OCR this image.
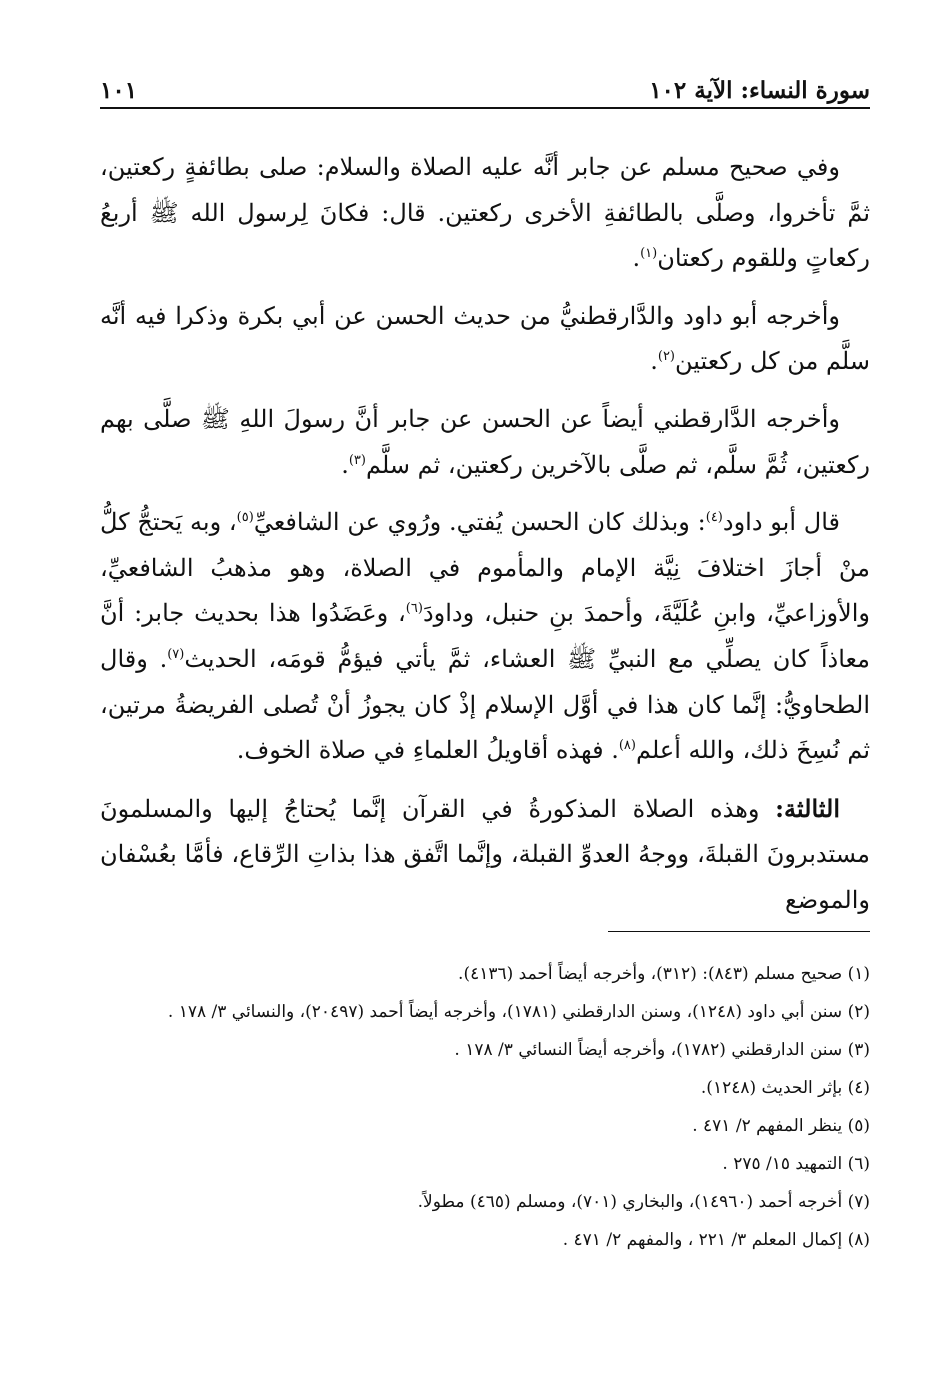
سورة النساء: الآية ١٠٢
١٠١

وفي صحيح مسلم عن جابر أنَّه عليه الصلاة والسلام: صلى بطائفةٍ ركعتين، ثمَّ تأخروا، وصلَّى بالطائفةِ الأخرى ركعتين. قال: فكانَ لِرسول الله ﷺ أربعُ ركعاتٍ وللقوم ركعتان$^{(١)}$.

وأخرجه أبو داود والدَّارقطنيُّ من حديث الحسن عن أبي بكرة وذكرا فيه أنَّه سلَّم من كل ركعتين$^{(٢)}$.

وأخرجه الدَّارقطني أيضاً عن الحسن عن جابر أنَّ رسولَ اللهِ ﷺ صلَّى بهم ركعتين، ثُمَّ سلَّم، ثم صلَّى بالآخرين ركعتين، ثم سلَّم$^{(٣)}$.

قال أبو داود$^{(٤)}$: وبذلك كان الحسن يُفتي. ورُوي عن الشافعيِّ$^{(٥)}$، وبه يَحتجُّ كلُّ منْ أجازَ اختلافَ نِيَّة الإمام والمأموم في الصلاة، وهو مذهبُ الشافعيِّ، والأوزاعيِّ، وابنِ عُلَيَّةَ، وأحمدَ بنِ حنبل، وداودَ$^{(٦)}$، وعَضَدُوا هذا بحديث جابر: أنَّ معاذاً كان يصلِّي مع النبيِّ ﷺ العشاء، ثمَّ يأتي فيؤمُّ قومَه، الحديث$^{(٧)}$. وقال الطحاويُّ: إنَّما كان هذا في أوَّل الإسلام إذْ كان يجوزُ أنْ تُصلى الفريضةُ مرتين، ثم نُسِخَ ذلك، والله أعلم$^{(٨)}$. فهذه أقاويلُ العلماءِ في صلاة الخوف.

الثالثة: وهذه الصلاة المذكورةُ في القرآن إنَّما يُحتاجُ إليها والمسلمونَ مستدبرونَ القبلةَ، ووجهُ العدوِّ القبلة، وإنَّما اتَّفق هذا بذاتِ الرِّقاع، فأمَّا بعُسْفان والموضع

(١) صحيح مسلم (٨٤٣): (٣١٢)، وأخرجه أيضاً أحمد (٤١٣٦).
(٢) سنن أبي داود (١٢٤٨)، وسنن الدارقطني (١٧٨١)، وأخرجه أيضاً أحمد (٢٠٤٩٧)، والنسائي ٣/ ١٧٨ .
(٣) سنن الدارقطني (١٧٨٢)، وأخرجه أيضاً النسائي ٣/ ١٧٨ .
(٤) بإثر الحديث (١٢٤٨).
(٥) ينظر المفهم ٢/ ٤٧١ .
(٦) التمهيد ١٥/ ٢٧٥ .
(٧) أخرجه أحمد (١٤٩٦٠)، والبخاري (٧٠١)، ومسلم (٤٦٥) مطولاً.
(٨) إكمال المعلم ٣/ ٢٢١ ، والمفهم ٢/ ٤٧١ .
